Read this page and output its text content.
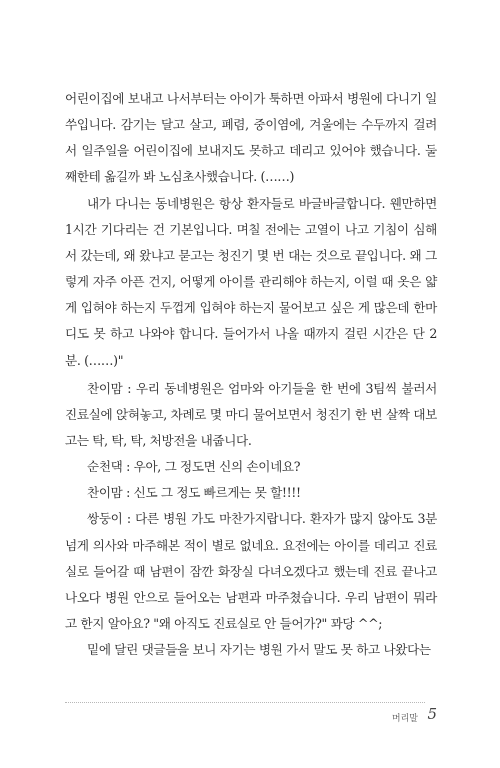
어린이집에 보내고 나서부터는 아이가 툭하면 아파서 병원에 다니기 일쑤입니다. 감기는 달고 살고, 폐렴, 중이염에, 겨울에는 수두까지 걸려서 일주일을 어린이집에 보내지도 못하고 데리고 있어야 했습니다. 둘째한테 옮길까 봐 노심초사했습니다. (……)

내가 다니는 동네병원은 항상 환자들로 바글바글합니다. 웬만하면 1시간 기다리는 건 기본입니다. 며칠 전에는 고열이 나고 기침이 심해서 갔는데, 왜 왔냐고 묻고는 청진기 몇 번 대는 것으로 끝입니다. 왜 그렇게 자주 아픈 건지, 어떻게 아이를 관리해야 하는지, 이럴 때 옷은 얇게 입혀야 하는지 두껍게 입혀야 하는지 물어보고 싶은 게 많은데 한마디도 못 하고 나와야 합니다. 들어가서 나올 때까지 걸린 시간은 단 2분. (……)"

찬이맘 : 우리 동네병원은 엄마와 아기들을 한 번에 3팀씩 불러서 진료실에 앉혀놓고, 차례로 몇 마디 물어보면서 청진기 한 번 살짝 대보고는 탁, 탁, 탁, 처방전을 내줍니다.

순천댁 : 우아, 그 정도면 신의 손이네요?

찬이맘 : 신도 그 정도 빠르게는 못 할!!!!

쌍둥이 : 다른 병원 가도 마찬가지랍니다. 환자가 많지 않아도 3분 넘게 의사와 마주해본 적이 별로 없네요. 요전에는 아이를 데리고 진료실로 들어갈 때 남편이 잠깐 화장실 다녀오겠다고 했는데 진료 끝나고 나오다 병원 안으로 들어오는 남편과 마주쳤습니다. 우리 남편이 뭐라고 한지 알아요? "왜 아직도 진료실로 안 들어가?" 꽈당 ^^;

밑에 달린 댓글들을 보니 자기는 병원 가서 말도 못 하고 나왔다는

머리말 5
